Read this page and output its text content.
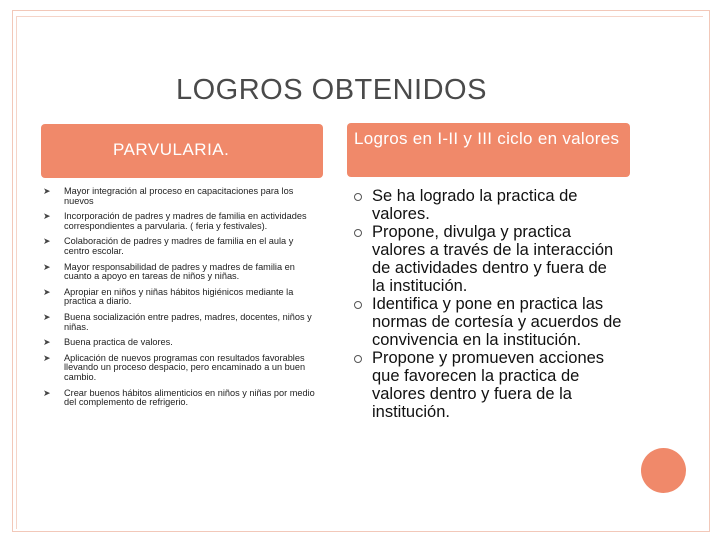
LOGROS OBTENIDOS
PARVULARIA.
Logros en I-II y III ciclo en valores
➤ Mayor integración al proceso en capacitaciones para los nuevos
➤ Incorporación de padres y madres de familia en actividades correspondientes a parvularia. ( feria y festivales).
➤ Colaboración de padres y madres de familia en el aula y centro escolar.
➤ Mayor responsabilidad de padres y madres de familia en cuanto a apoyo en tareas de niños y niñas.
➤ Apropiar en niños y niñas hábitos higiénicos mediante la practica a diario.
➤ Buena socialización entre padres, madres, docentes, niños y niñas.
➤ Buena practica de valores.
➤ Aplicación de nuevos programas con resultados favorables llevando un proceso despacio, pero encaminado a un buen cambio.
➤ Crear buenos hábitos alimenticios en niños y niñas por medio del complemento de refrigerio.
Se ha logrado la practica de valores.
Propone, divulga y practica valores a través de la interacción de actividades dentro y fuera de la institución.
Identifica y pone en practica las normas de cortesía y acuerdos de convivencia en la institución.
Propone y promueven acciones que favorecen la practica de valores dentro y fuera de la institución.
